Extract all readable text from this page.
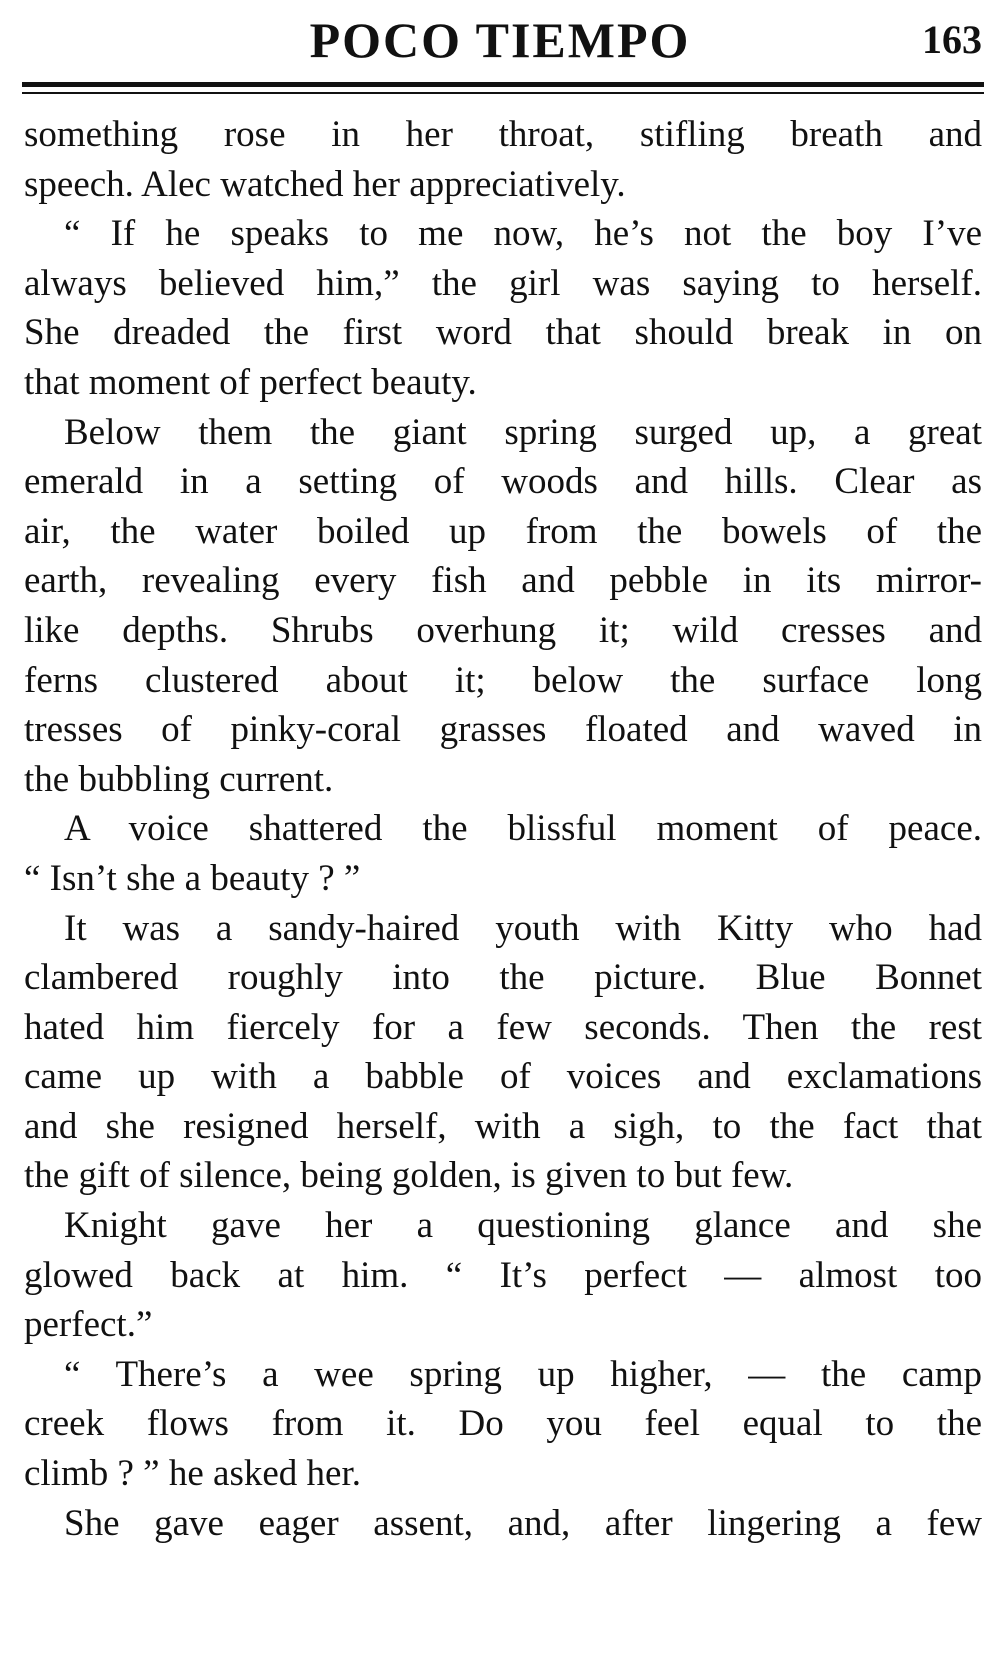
POCO TIEMPO	163
something rose in her throat, stifling breath and
speech. Alec watched her appreciatively.
“ If he speaks to me now, he’s not the boy I’ve
always believed him,” the girl was saying to herself.
She dreaded the first word that should break in on
that moment of perfect beauty.
Below them the giant spring surged up, a great
emerald in a setting of woods and hills. Clear as
air, the water boiled up from the bowels of the
earth, revealing every fish and pebble in its mirror-
like depths. Shrubs overhung it; wild cresses and
ferns clustered about it; below the surface long
tresses of pinky-coral grasses floated and waved in
the bubbling current.
A voice shattered the blissful moment of peace.
“ Isn’t she a beauty ? ”
It was a sandy-haired youth with Kitty who had
clambered roughly into the picture. Blue Bonnet
hated him fiercely for a few seconds. Then the rest
came up with a babble of voices and exclamations
and she resigned herself, with a sigh, to the fact that
the gift of silence, being golden, is given to but few.
Knight gave her a questioning glance and she
glowed back at him. “ It’s perfect — almost too
perfect.”
“ There’s a wee spring up higher, — the camp
creek flows from it. Do you feel equal to the
climb ? ” he asked her.
She gave eager assent, and, after lingering a few
